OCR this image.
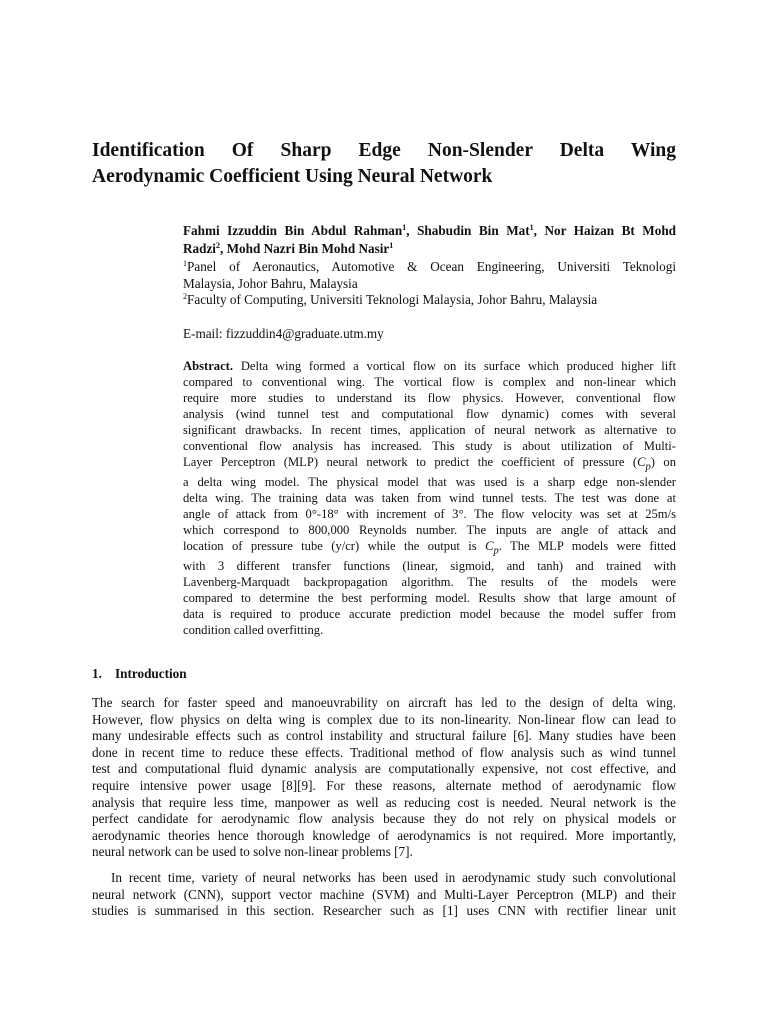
Identification Of Sharp Edge Non-Slender Delta Wing
Aerodynamic Coefficient Using Neural Network
Fahmi Izzuddin Bin Abdul Rahman$^1$, Shabudin Bin Mat$^1$, Nor Haizan Bt Mohd
Radzi$^2$, Mohd Nazri Bin Mohd Nasir$^1$
$^1$Panel of Aeronautics, Automotive & Ocean Engineering, Universiti Teknologi
Malaysia, Johor Bahru, Malaysia
$^2$Faculty of Computing, Universiti Teknologi Malaysia, Johor Bahru, Malaysia
E-mail: fizzuddin4@graduate.utm.my
Abstract. Delta wing formed a vortical flow on its surface which produced higher lift
compared to conventional wing. The vortical flow is complex and non-linear which
require more studies to understand its flow physics. However, conventional flow
analysis (wind tunnel test and computational flow dynamic) comes with several
significant drawbacks. In recent times, application of neural network as alternative to
conventional flow analysis has increased. This study is about utilization of Multi-
Layer Perceptron (MLP) neural network to predict the coefficient of pressure $(C_p)$ on
a delta wing model. The physical model that was used is a sharp edge non-slender
delta wing. The training data was taken from wind tunnel tests. The test was done at
angle of attack from 0°-18° with increment of 3°. The flow velocity was set at 25m/s
which correspond to 800,000 Reynolds number. The inputs are angle of attack and
location of pressure tube (y/cr) while the output is $C_p$. The MLP models were fitted
with 3 different transfer functions (linear, sigmoid, and tanh) and trained with
Lavenberg-Marquadt backpropagation algorithm. The results of the models were
compared to determine the best performing model. Results show that large amount of
data is required to produce accurate prediction model because the model suffer from
condition called overfitting.
1. Introduction
The search for faster speed and manoeuvrability on aircraft has led to the design of delta wing.
However, flow physics on delta wing is complex due to its non-linearity. Non-linear flow can lead to
many undesirable effects such as control instability and structural failure [6]. Many studies have been
done in recent time to reduce these effects. Traditional method of flow analysis such as wind tunnel
test and computational fluid dynamic analysis are computationally expensive, not cost effective, and
require intensive power usage [8][9]. For these reasons, alternate method of aerodynamic flow
analysis that require less time, manpower as well as reducing cost is needed. Neural network is the
perfect candidate for aerodynamic flow analysis because they do not rely on physical models or
aerodynamic theories hence thorough knowledge of aerodynamics is not required. More importantly,
neural network can be used to solve non-linear problems [7].
In recent time, variety of neural networks has been used in aerodynamic study such convolutional
neural network (CNN), support vector machine (SVM) and Multi-Layer Perceptron (MLP) and their
studies is summarised in this section. Researcher such as [1] uses CNN with rectifier linear unit
